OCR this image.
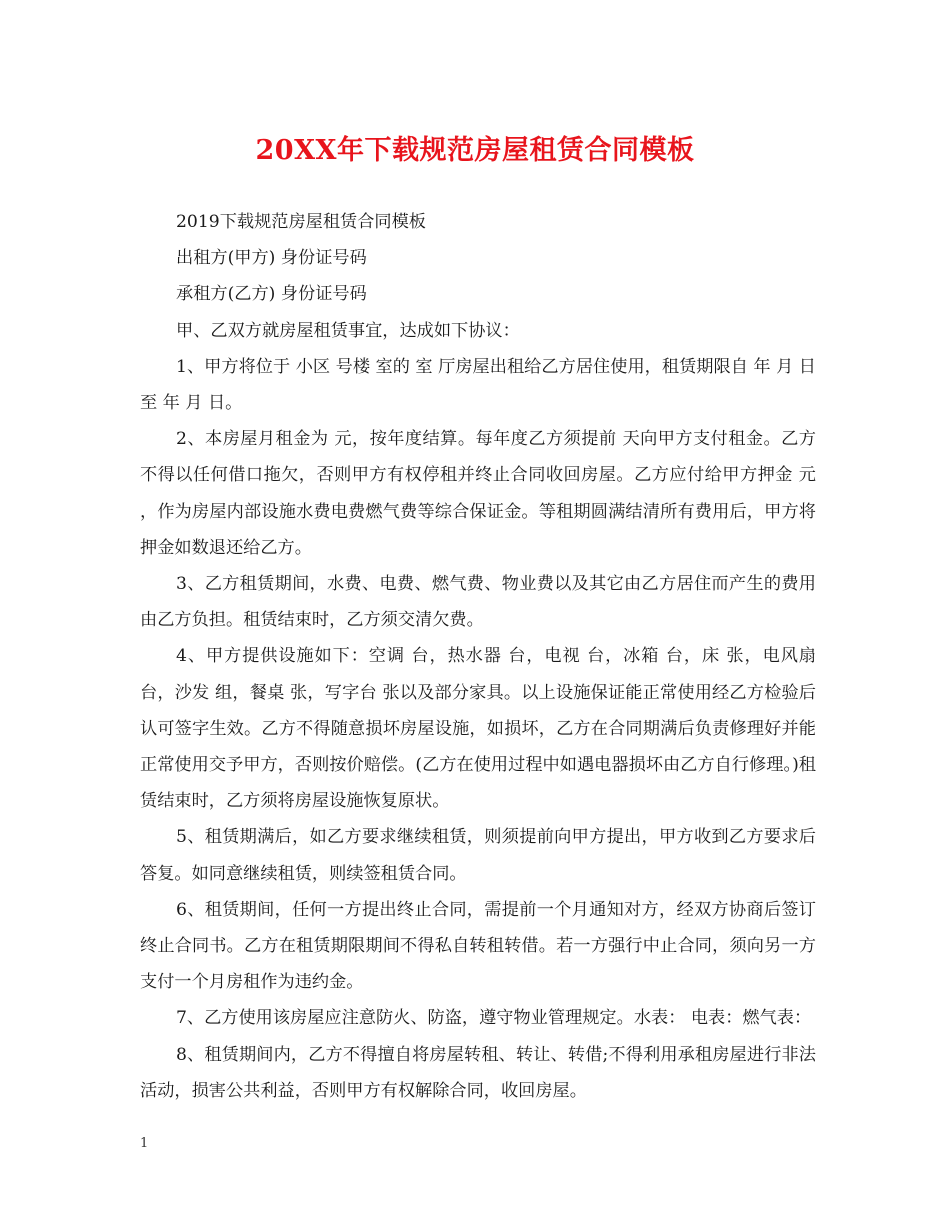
20XX年下载规范房屋租赁合同模板

2019下载规范房屋租赁合同模板

出租方(甲方) 身份证号码

承租方(乙方) 身份证号码

甲、乙双方就房屋租赁事宜，达成如下协议：

1、甲方将位于 小区 号楼 室的 室 厅房屋出租给乙方居住使用，租赁期限自 年 月 日至 年 月 日。

2、本房屋月租金为 元，按年度结算。每年度乙方须提前 天向甲方支付租金。乙方不得以任何借口拖欠，否则甲方有权停租并终止合同收回房屋。乙方应付给甲方押金 元 ，作为房屋内部设施水费电费燃气费等综合保证金。等租期圆满结清所有费用后，甲方将押金如数退还给乙方。

3、乙方租赁期间，水费、电费、燃气费、物业费以及其它由乙方居住而产生的费用由乙方负担。租赁结束时，乙方须交清欠费。

4、甲方提供设施如下：空调 台，热水器 台，电视 台，冰箱 台，床 张，电风扇 台，沙发 组，餐桌 张，写字台 张以及部分家具。以上设施保证能正常使用经乙方检验后认可签字生效。乙方不得随意损坏房屋设施，如损坏，乙方在合同期满后负责修理好并能正常使用交予甲方，否则按价赔偿。(乙方在使用过程中如遇电器损坏由乙方自行修理。)租赁结束时，乙方须将房屋设施恢复原状。

5、租赁期满后，如乙方要求继续租赁，则须提前向甲方提出，甲方收到乙方要求后答复。如同意继续租赁，则续签租赁合同。

6、租赁期间，任何一方提出终止合同，需提前一个月通知对方，经双方协商后签订终止合同书。乙方在租赁期限期间不得私自转租转借。若一方强行中止合同，须向另一方支付一个月房租作为违约金。

7、乙方使用该房屋应注意防火、防盗，遵守物业管理规定。水表： 电表：燃气表：

8、租赁期间内，乙方不得擅自将房屋转租、转让、转借;不得利用承租房屋进行非法活动，损害公共利益，否则甲方有权解除合同，收回房屋。

1
